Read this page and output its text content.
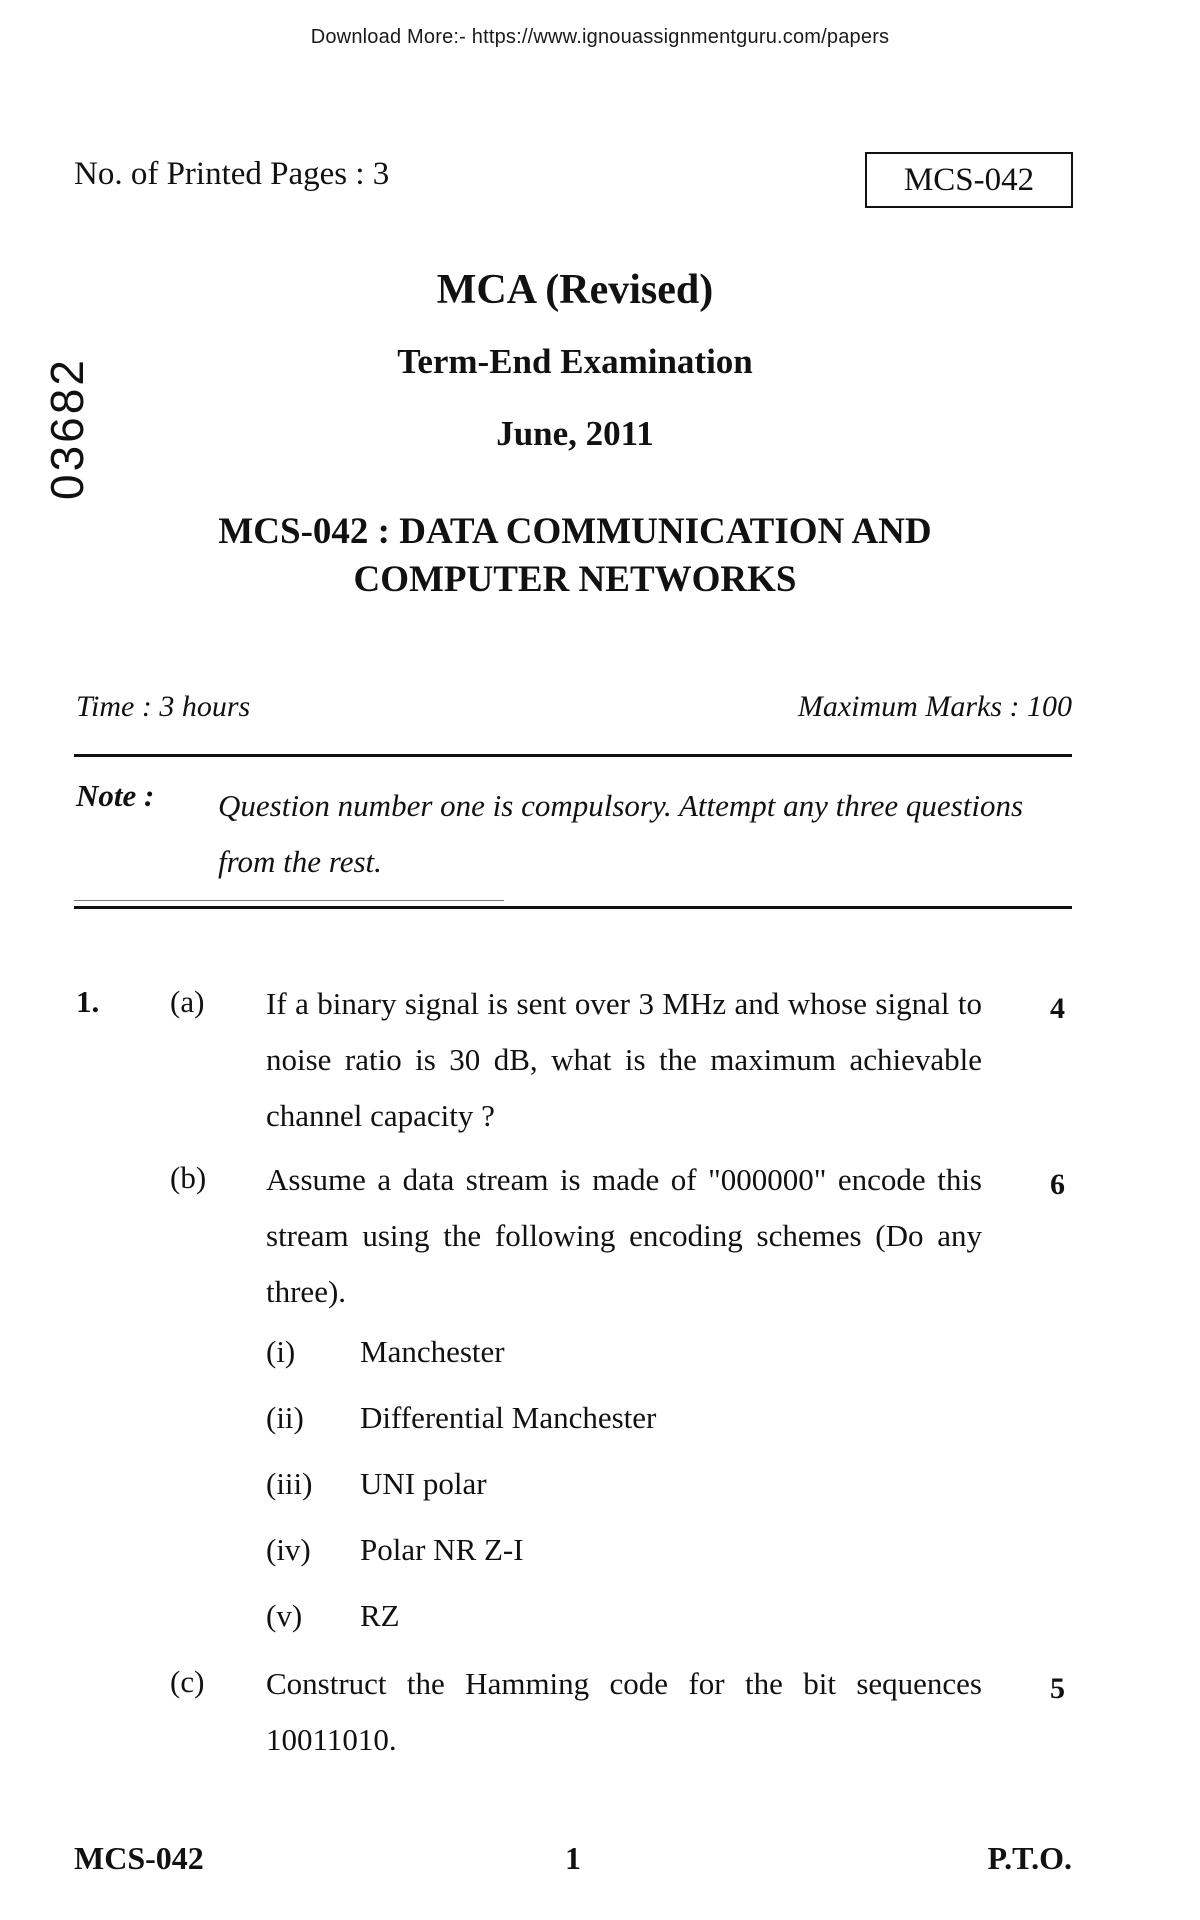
Download More:- https://www.ignouassignmentguru.com/papers
No. of Printed Pages : 3	MCS-042
03682
MCA (Revised)
Term-End Examination
June, 2011
MCS-042 : DATA COMMUNICATION AND
COMPUTER NETWORKS
Time : 3 hours	Maximum Marks : 100
Note : Question number one is compulsory. Attempt any three questions from the rest.
1. (a) If a binary signal is sent over 3 MHz and whose signal to noise ratio is 30 dB, what is the maximum achievable channel capacity ?
4
(b) Assume a data stream is made of "000000" encode this stream using the following encoding schemes (Do any three).
6
(i) Manchester
(ii) Differential Manchester
(iii) UNI polar
(iv) Polar NR Z-I
(v) RZ
(c) Construct the Hamming code for the bit sequences 10011010.
5
MCS-042	1	P.T.O.
